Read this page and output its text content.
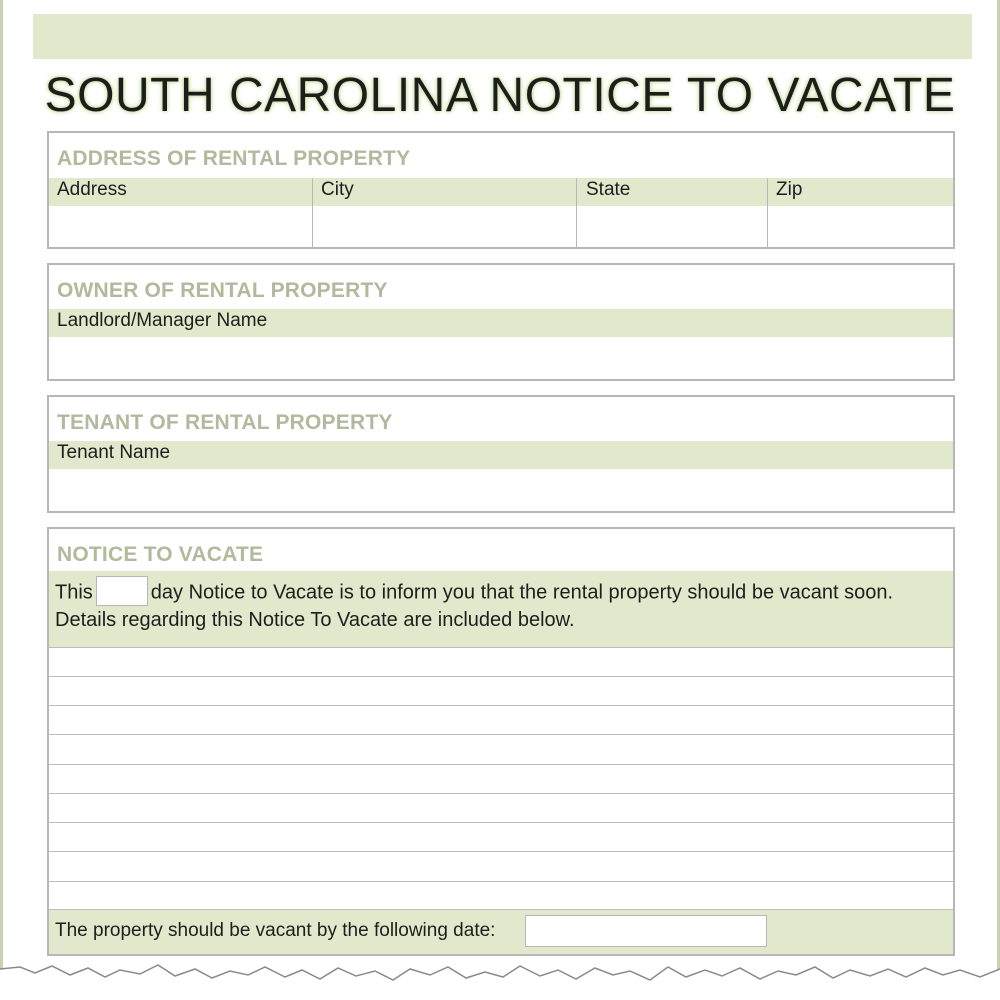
SOUTH CAROLINA NOTICE TO VACATE
ADDRESS OF RENTAL PROPERTY
Address	City	State	Zip
OWNER OF RENTAL PROPERTY
Landlord/Manager Name
TENANT OF RENTAL PROPERTY
Tenant Name
NOTICE TO VACATE
This	day Notice to Vacate is to inform you that the rental property should be vacant soon.
Details regarding this Notice To Vacate are included below.
The property should be vacant by the following date:
